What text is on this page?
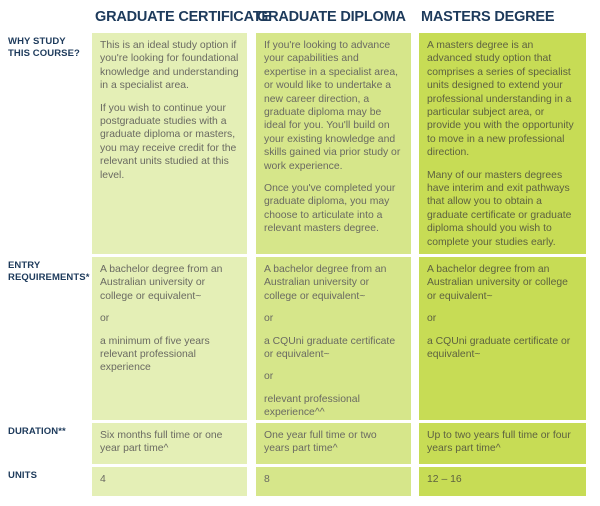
GRADUATE CERTIFICATE
GRADUATE DIPLOMA MASTERS DEGREE
WHY STUDY THIS COURSE?
ENTRY REQUIREMENTS*
DURATION**
UNITS

This is an ideal study option if you're looking for foundational knowledge and understanding in a specialist area.

If you wish to continue your postgraduate studies with a graduate diploma or masters, you may receive credit for the relevant units studied at this level.

If you're looking to advance your capabilities and expertise in a specialist area, or would like to undertake a new career direction, a graduate diploma may be ideal for you. You'll build on your existing knowledge and skills gained via prior study or work experience.

Once you've completed your graduate diploma, you may choose to articulate into a relevant masters degree.

A masters degree is an advanced study option that comprises a series of specialist units designed to extend your professional understanding in a particular subject area, or provide you with the opportunity to move in a new professional direction.

Many of our masters degrees have interim and exit pathways that allow you to obtain a graduate certificate or graduate diploma should you wish to complete your studies early.

A bachelor degree from an Australian university or college or equivalent~

or

a minimum of five years relevant professional experience

A bachelor degree from an Australian university or college or equivalent~

or

a CQUni graduate certificate or equivalent~

or

relevant professional experience^^

A bachelor degree from an Australian university or college or equivalent~

or

a CQUni graduate certificate or equivalent~

Six months full time or one year part time^

One year full time or two years part time^

Up to two years full time or four years part time^

4	8	12 – 16
